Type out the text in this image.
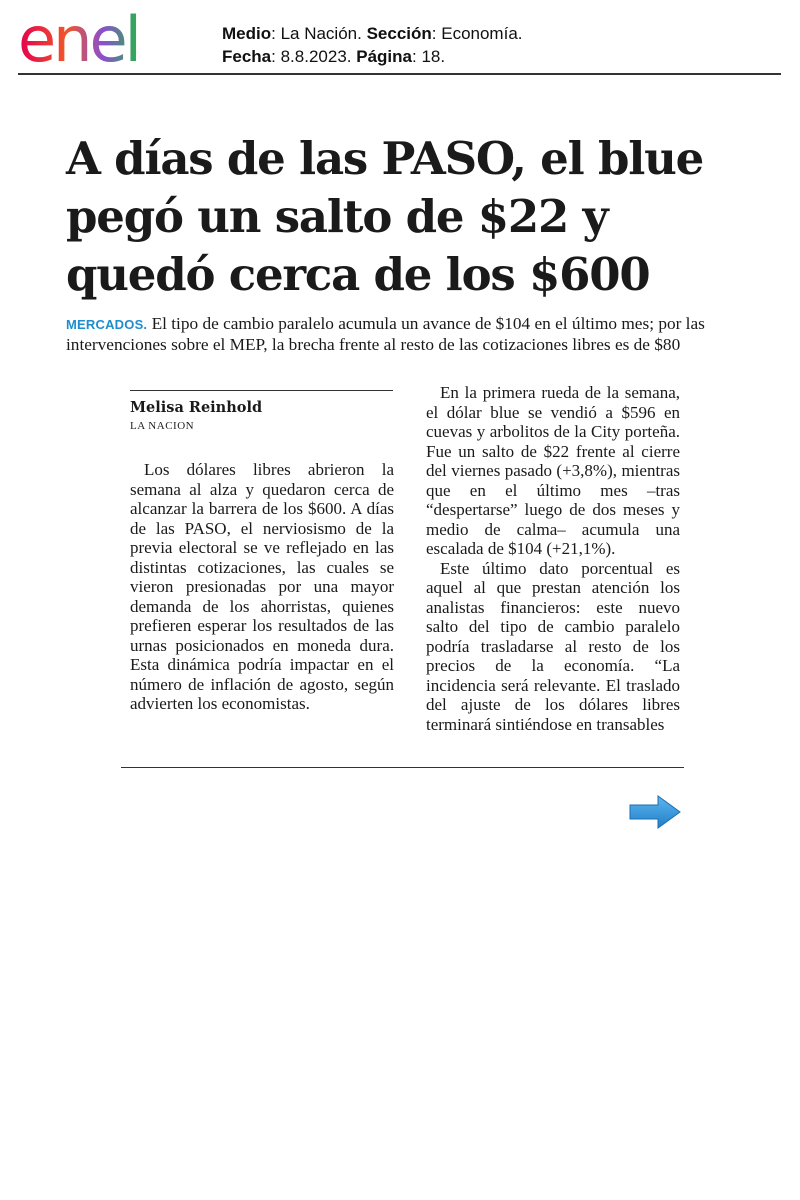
enel	Medio: La Nación. Sección: Economía.
Fecha: 8.8.2023. Página: 18.
A días de las PASO, el blue pegó un salto de $22 y quedó cerca de los $600

MERCADOS. El tipo de cambio paralelo acumula un avance de $104 en el último mes; por las intervenciones sobre el MEP, la brecha frente al resto de las cotizaciones libres es de $80

Melisa Reinhold
LA NACION

Los dólares libres abrieron la semana al alza y quedaron cerca de alcanzar la barrera de los $600. A días de las PASO, el nerviosismo de la previa electoral se ve reflejado en las distintas cotizaciones, las cuales se vieron presionadas por una mayor demanda de los ahorristas, quienes prefieren esperar los resultados de las urnas posicionados en moneda dura. Esta dinámica podría impactar en el número de inflación de agosto, según advierten los economistas.

En la primera rueda de la semana, el dólar blue se vendió a $596 en cuevas y arbolitos de la City porteña. Fue un salto de $22 frente al cierre del viernes pasado (+3,8%), mientras que en el último mes –tras “despertarse” luego de dos meses y medio de calma– acumula una escalada de $104 (+21,1%).

Este último dato porcentual es aquel al que prestan atención los analistas financieros: este nuevo salto del tipo de cambio paralelo podría trasladarse al resto de los precios de la economía. “La incidencia será relevante. El traslado del ajuste de los dólares libres terminará sintiéndose en transables
